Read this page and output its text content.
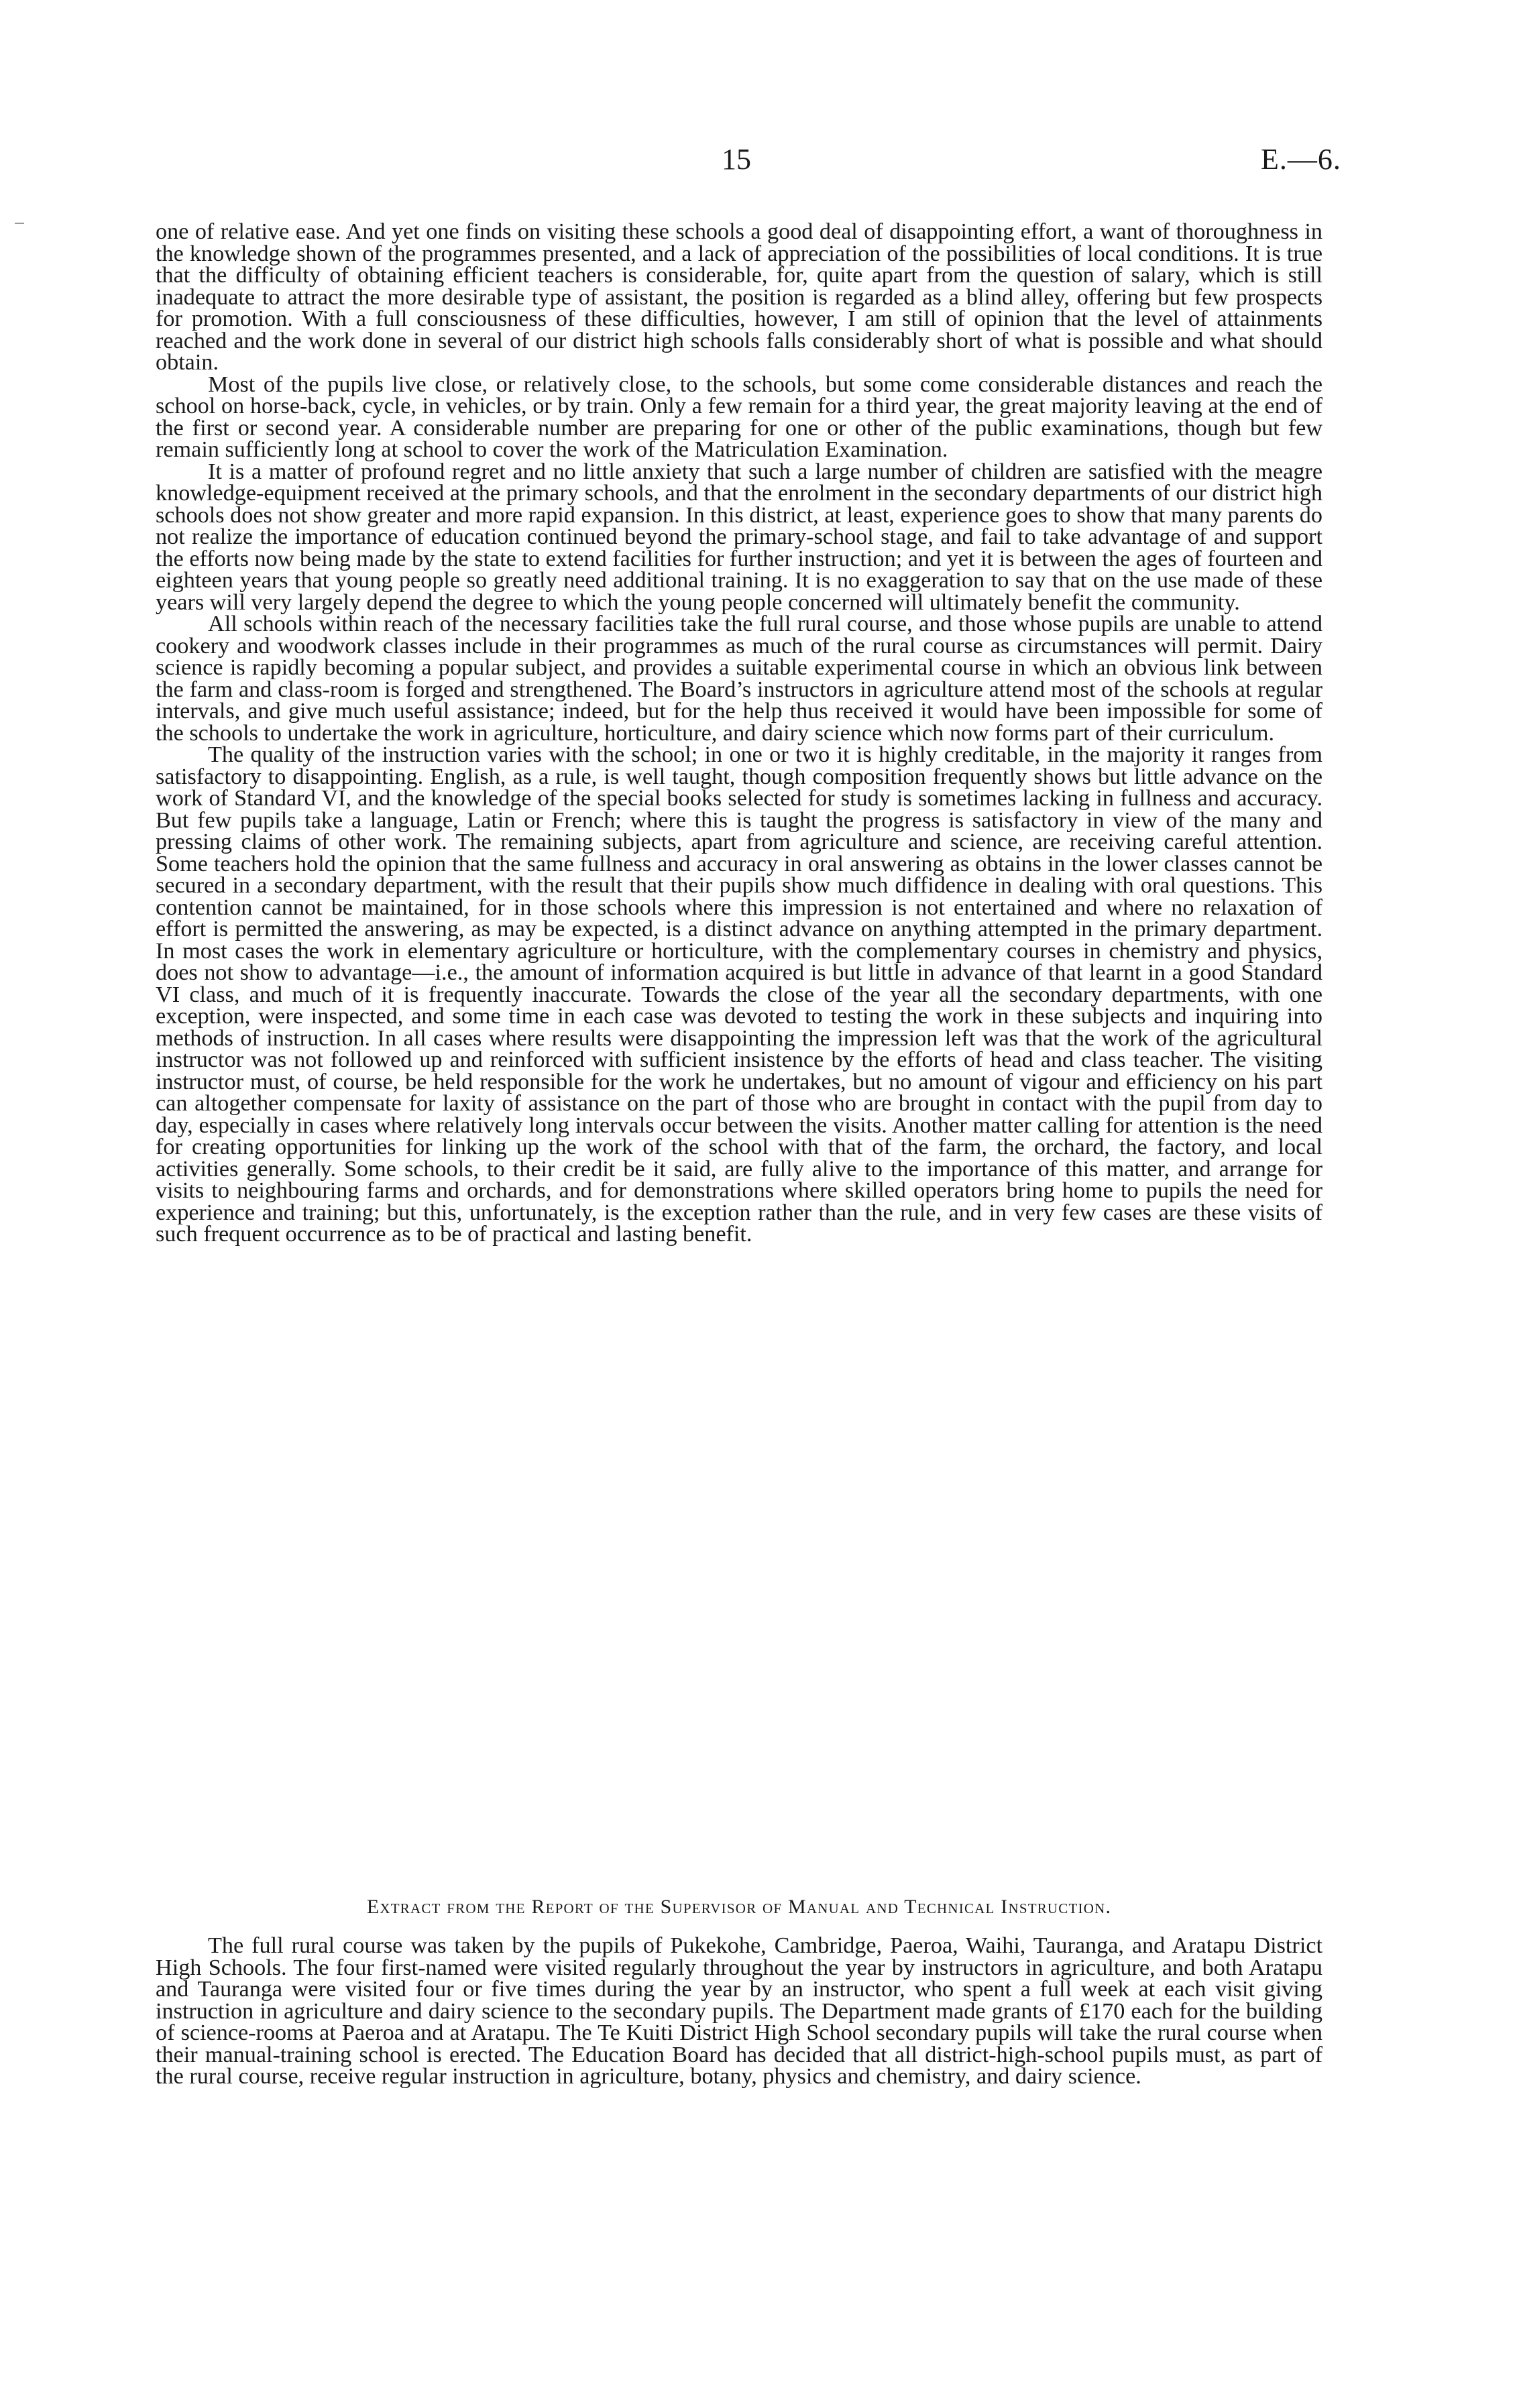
15	E.—6.

one of relative ease. And yet one finds on visiting these schools a good deal of disappointing effort, a want of thoroughness in the knowledge shown of the programmes presented, and a lack of appreciation of the possibilities of local conditions. It is true that the difficulty of obtaining efficient teachers is considerable, for, quite apart from the question of salary, which is still inadequate to attract the more desirable type of assistant, the position is regarded as a blind alley, offering but few prospects for promotion. With a full consciousness of these difficulties, however, I am still of opinion that the level of attainments reached and the work done in several of our district high schools falls considerably short of what is possible and what should obtain.

Most of the pupils live close, or relatively close, to the schools, but some come considerable distances and reach the school on horse-back, cycle, in vehicles, or by train. Only a few remain for a third year, the great majority leaving at the end of the first or second year. A considerable number are preparing for one or other of the public examinations, though but few remain sufficiently long at school to cover the work of the Matriculation Examination.

It is a matter of profound regret and no little anxiety that such a large number of children are satisfied with the meagre knowledge-equipment received at the primary schools, and that the enrolment in the secondary departments of our district high schools does not show greater and more rapid expansion. In this district, at least, experience goes to show that many parents do not realize the importance of education continued beyond the primary-school stage, and fail to take advantage of and support the efforts now being made by the state to extend facilities for further instruction; and yet it is between the ages of fourteen and eighteen years that young people so greatly need additional training. It is no exaggeration to say that on the use made of these years will very largely depend the degree to which the young people concerned will ultimately benefit the community.

All schools within reach of the necessary facilities take the full rural course, and those whose pupils are unable to attend cookery and woodwork classes include in their programmes as much of the rural course as circumstances will permit. Dairy science is rapidly becoming a popular subject, and provides a suitable experimental course in which an obvious link between the farm and class-room is forged and strengthened. The Board’s instructors in agriculture attend most of the schools at regular intervals, and give much useful assistance; indeed, but for the help thus received it would have been impossible for some of the schools to undertake the work in agriculture, horticulture, and dairy science which now forms part of their curriculum.

The quality of the instruction varies with the school; in one or two it is highly creditable, in the majority it ranges from satisfactory to disappointing. English, as a rule, is well taught, though composition frequently shows but little advance on the work of Standard VI, and the knowledge of the special books selected for study is sometimes lacking in fullness and accuracy. But few pupils take a language, Latin or French; where this is taught the progress is satisfactory in view of the many and pressing claims of other work. The remaining subjects, apart from agriculture and science, are receiving careful attention. Some teachers hold the opinion that the same fullness and accuracy in oral answering as obtains in the lower classes cannot be secured in a secondary department, with the result that their pupils show much diffidence in dealing with oral questions. This contention cannot be maintained, for in those schools where this impression is not entertained and where no relaxation of effort is permitted the answering, as may be expected, is a distinct advance on anything attempted in the primary department. In most cases the work in elementary agriculture or horticulture, with the complementary courses in chemistry and physics, does not show to advantage—i.e., the amount of information acquired is but little in advance of that learnt in a good Standard VI class, and much of it is frequently inaccurate. Towards the close of the year all the secondary departments, with one exception, were inspected, and some time in each case was devoted to testing the work in these subjects and inquiring into methods of instruction. In all cases where results were disappointing the impression left was that the work of the agricultural instructor was not followed up and reinforced with sufficient insistence by the efforts of head and class teacher. The visiting instructor must, of course, be held responsible for the work he undertakes, but no amount of vigour and efficiency on his part can altogether compensate for laxity of assistance on the part of those who are brought in contact with the pupil from day to day, especially in cases where relatively long intervals occur between the visits. Another matter calling for attention is the need for creating opportunities for linking up the work of the school with that of the farm, the orchard, the factory, and local activities generally. Some schools, to their credit be it said, are fully alive to the importance of this matter, and arrange for visits to neighbouring farms and orchards, and for demonstrations where skilled operators bring home to pupils the need for experience and training; but this, unfortunately, is the exception rather than the rule, and in very few cases are these visits of such frequent occurrence as to be of practical and lasting benefit.

Extract from the Report of the Supervisor of Manual and Technical Instruction.

The full rural course was taken by the pupils of Pukekohe, Cambridge, Paeroa, Waihi, Tauranga, and Aratapu District High Schools. The four first-named were visited regularly throughout the year by instructors in agriculture, and both Aratapu and Tauranga were visited four or five times during the year by an instructor, who spent a full week at each visit giving instruction in agriculture and dairy science to the secondary pupils. The Department made grants of £170 each for the building of science-rooms at Paeroa and at Aratapu. The Te Kuiti District High School secondary pupils will take the rural course when their manual-training school is erected. The Education Board has decided that all district-high-school pupils must, as part of the rural course, receive regular instruction in agriculture, botany, physics and chemistry, and dairy science.
